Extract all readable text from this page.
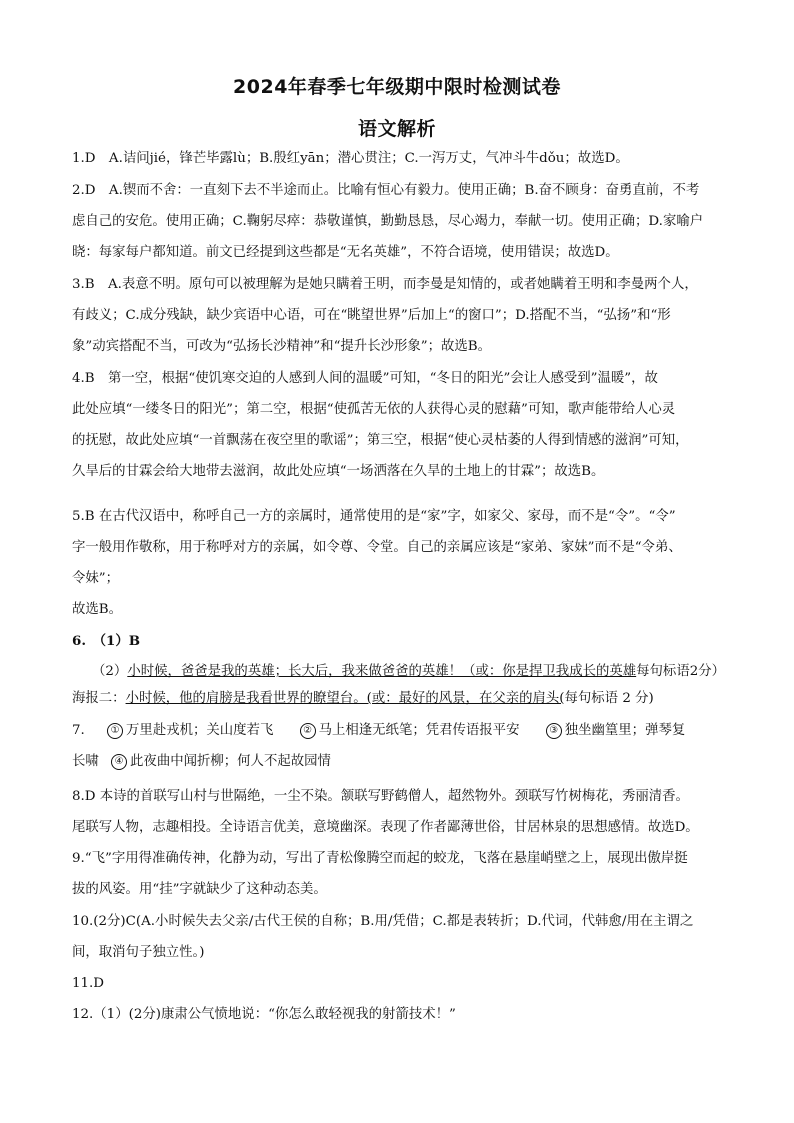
2024年春季七年级期中限时检测试卷
语文解析
1.D　A.诘问jié，锋芒毕露lù；B.殷红yān；潜心贯注；C.一泻万丈，气冲斗牛dǒu；故选D。
2.D　A.锲而不舍：一直刻下去不半途而止。比喻有恒心有毅力。使用正确；B.奋不顾身：奋勇直前，不考
虑自己的安危。使用正确；C.鞠躬尽瘁：恭敬谨慎，勤勤恳恳，尽心竭力，奉献一切。使用正确；D.家喻户
晓：每家每户都知道。前文已经提到这些都是“无名英雄”，不符合语境，使用错误；故选D。
3.B　A.表意不明。原句可以被理解为是她只瞒着王明，而李曼是知情的，或者她瞒着王明和李曼两个人，
有歧义；C.成分残缺，缺少宾语中心语，可在“眺望世界”后加上“的窗口”；D.搭配不当，“弘扬”和“形
象”动宾搭配不当，可改为“弘扬长沙精神”和“提升长沙形象”；故选B。
4.B　第一空，根据“使饥寒交迫的人感到人间的温暖”可知，“冬日的阳光”会让人感受到”温暖”，故
此处应填“一缕冬日的阳光”；第二空，根据“使孤苦无依的人获得心灵的慰藉”可知，歌声能带给人心灵
的抚慰，故此处应填“一首飘荡在夜空里的歌谣”；第三空，根据“使心灵枯萎的人得到情感的滋润”可知，
久旱后的甘霖会给大地带去滋润，故此处应填“一场洒落在久旱的土地上的甘霖”；故选B。
5.B 在古代汉语中，称呼自己一方的亲属时，通常使用的是“家”字，如家父、家母，而不是“令”。“令”
字一般用作敬称，用于称呼对方的亲属，如令尊、令堂。自己的亲属应该是“家弟、家妹”而不是“令弟、
令妹”；
故选B。
6.　（1）B
（2）小时候，爸爸是我的英雄；长大后，我来做爸爸的英雄！（或：你是捍卫我成长的英雄每句标语2分）
海报二：小时候，他的肩膀是我看世界的瞭望台。(或：最好的风景，在父亲的肩头(每句标语 2 分)
7.	① 万里赴戎机；关山度若飞	② 马上相逢无纸笔；凭君传语报平安	③ 独坐幽篁里；弹琴复
长啸 ④ 此夜曲中闻折柳；何人不起故园情
8.D 本诗的首联写山村与世隔绝，一尘不染。颔联写野鹤僧人，超然物外。颈联写竹树梅花，秀丽清香。
尾联写人物，志趣相投。全诗语言优美，意境幽深。表现了作者鄙薄世俗，甘居林泉的思想感情。故选D。
9.“飞”字用得准确传神，化静为动，写出了青松像腾空而起的蛟龙，飞落在悬崖峭壁之上，展现出傲岸挺
拔的风姿。用“挂”字就缺少了这种动态美。
10.(2分)C(A.小时候失去父亲/古代王侯的自称；B.用/凭借；C.都是表转折；D.代词，代韩愈/用在主谓之
间，取消句子独立性。)
11.D
12.（1）(2分)康肃公气愤地说：“你怎么敢轻视我的射箭技术！”
